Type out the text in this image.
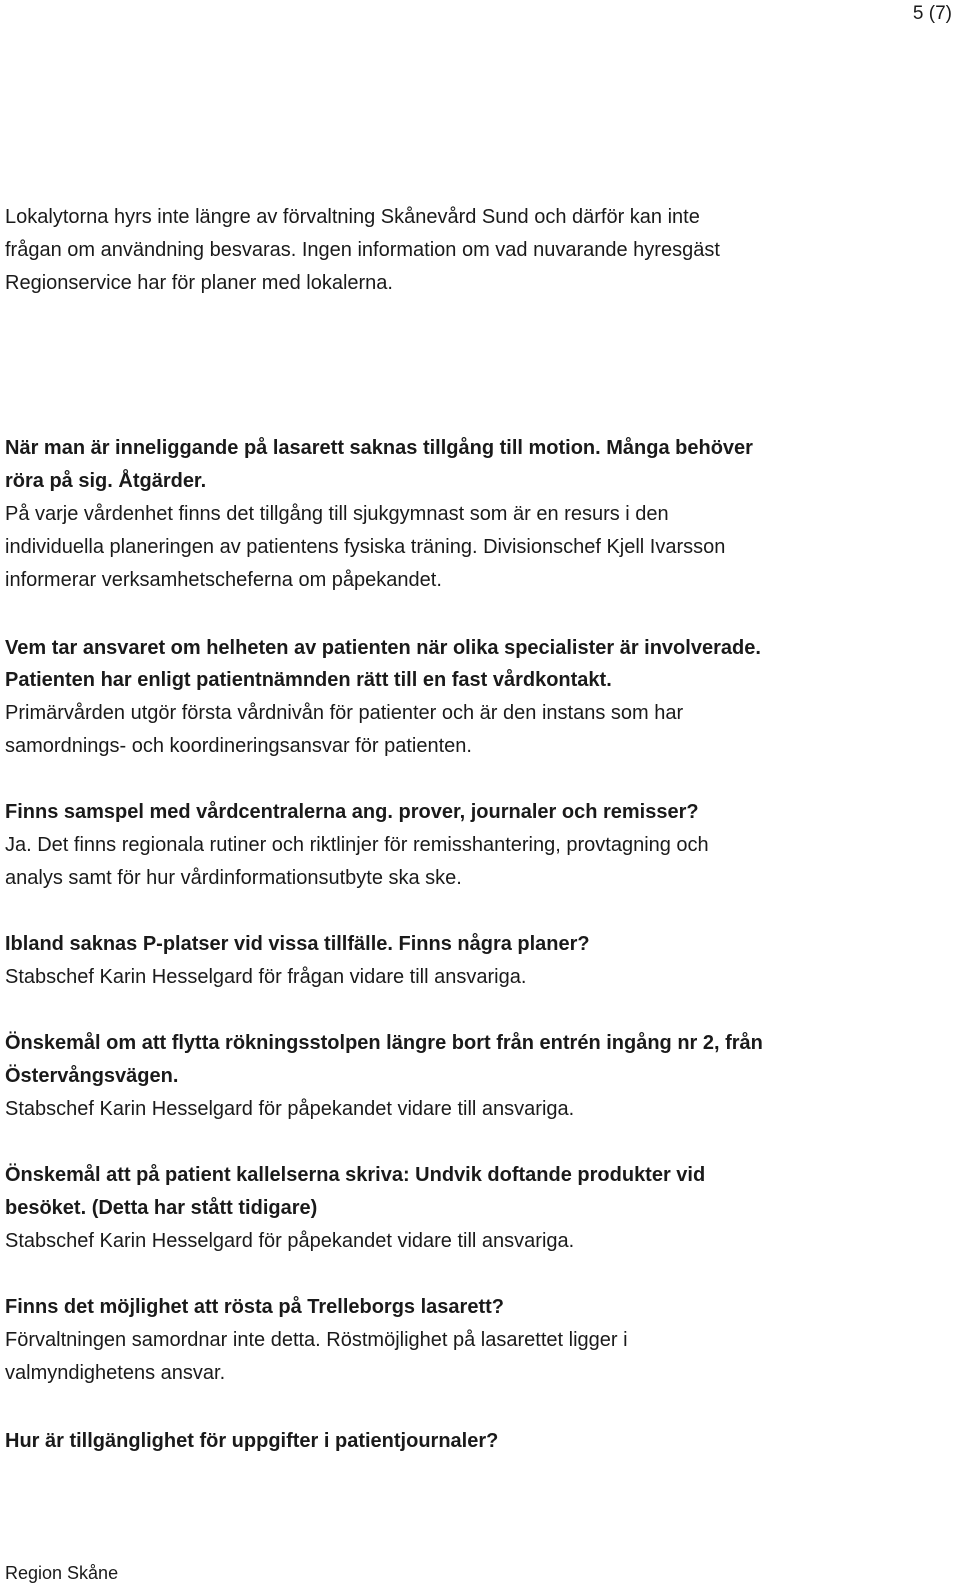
5 (7)
Lokalytorna hyrs inte längre av förvaltning Skånevård Sund och därför kan inte
frågan om användning besvaras. Ingen information om vad nuvarande hyresgäst
Regionservice har för planer med lokalerna.
När man är inneliggande på lasarett saknas tillgång till motion. Många behöver
röra på sig. Åtgärder.
På varje vårdenhet finns det tillgång till sjukgymnast som är en resurs i den
individuella planeringen av patientens fysiska träning. Divisionschef Kjell Ivarsson
informerar verksamhetscheferna om påpekandet.
Vem tar ansvaret om helheten av patienten när olika specialister är involverade.
Patienten har enligt patientnämnden rätt till en fast vårdkontakt.
Primärvården utgör första vårdnivån för patienter och är den instans som har
samordnings- och koordineringsansvar för patienten.
Finns samspel med vårdcentralerna ang. prover, journaler och remisser?
Ja. Det finns regionala rutiner och riktlinjer för remisshantering, provtagning och
analys samt för hur vårdinformationsutbyte ska ske.
Ibland saknas P-platser vid vissa tillfälle. Finns några planer?
Stabschef Karin Hesselgard för frågan vidare till ansvariga.
Önskemål om att flytta rökningsstolpen längre bort från entrén ingång nr 2, från
Östervångsvägen.
Stabschef Karin Hesselgard för påpekandet vidare till ansvariga.
Önskemål att på patient kallelserna skriva: Undvik doftande produkter vid
besöket. (Detta har stått tidigare)
Stabschef Karin Hesselgard för påpekandet vidare till ansvariga.
Finns det möjlighet att rösta på Trelleborgs lasarett?
Förvaltningen samordnar inte detta. Röstmöjlighet på lasarettet ligger i
valmyndighetens ansvar.
Hur är tillgänglighet för uppgifter i patientjournaler?
Region Skåne
